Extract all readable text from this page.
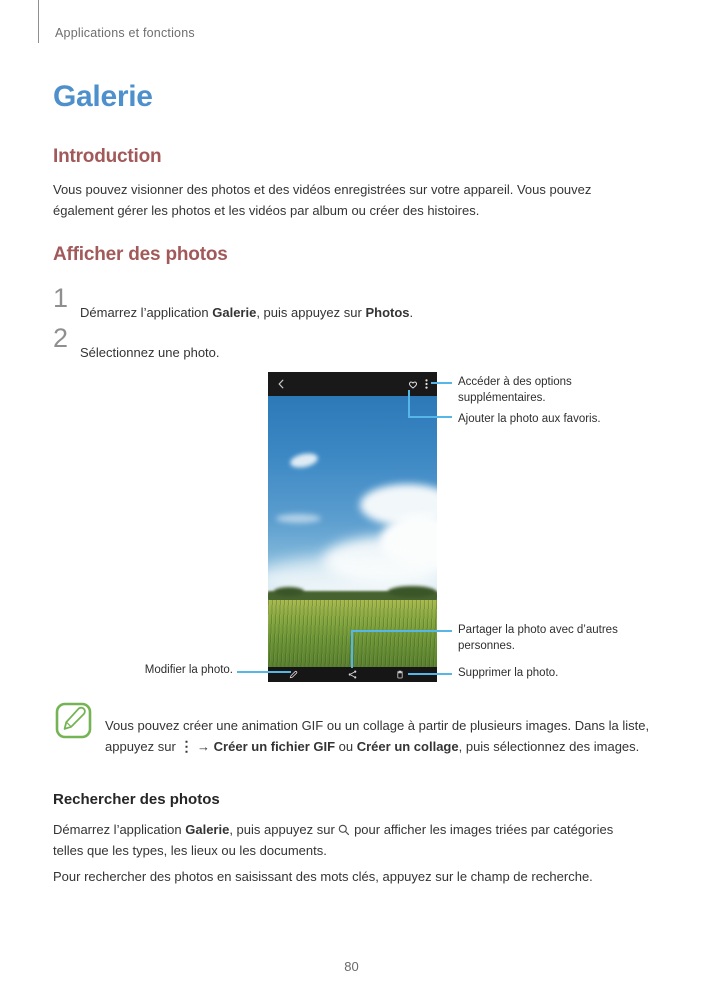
Applications et fonctions
Galerie
Introduction

Vous pouvez visionner des photos et des vidéos enregistrées sur votre appareil. Vous pouvez également gérer les photos et les vidéos par album ou créer des histoires.

Afficher des photos
1 Démarrez l’application Galerie, puis appuyez sur Photos.

2 Sélectionnez une photo.

Accéder à des options supplémentaires.
Ajouter la photo aux favoris.
Partager la photo avec d’autres personnes.
Modifier la photo.	Supprimer la photo.

Vous pouvez créer une animation GIF ou un collage à partir de plusieurs images. Dans la liste, appuyez sur ⋮ → Créer un fichier GIF ou Créer un collage, puis sélectionnez des images.

Rechercher des photos

Démarrez l’application Galerie, puis appuyez sur  pour afficher les images triées par catégories telles que les types, les lieux ou les documents.

Pour rechercher des photos en saisissant des mots clés, appuyez sur le champ de recherche.

80
